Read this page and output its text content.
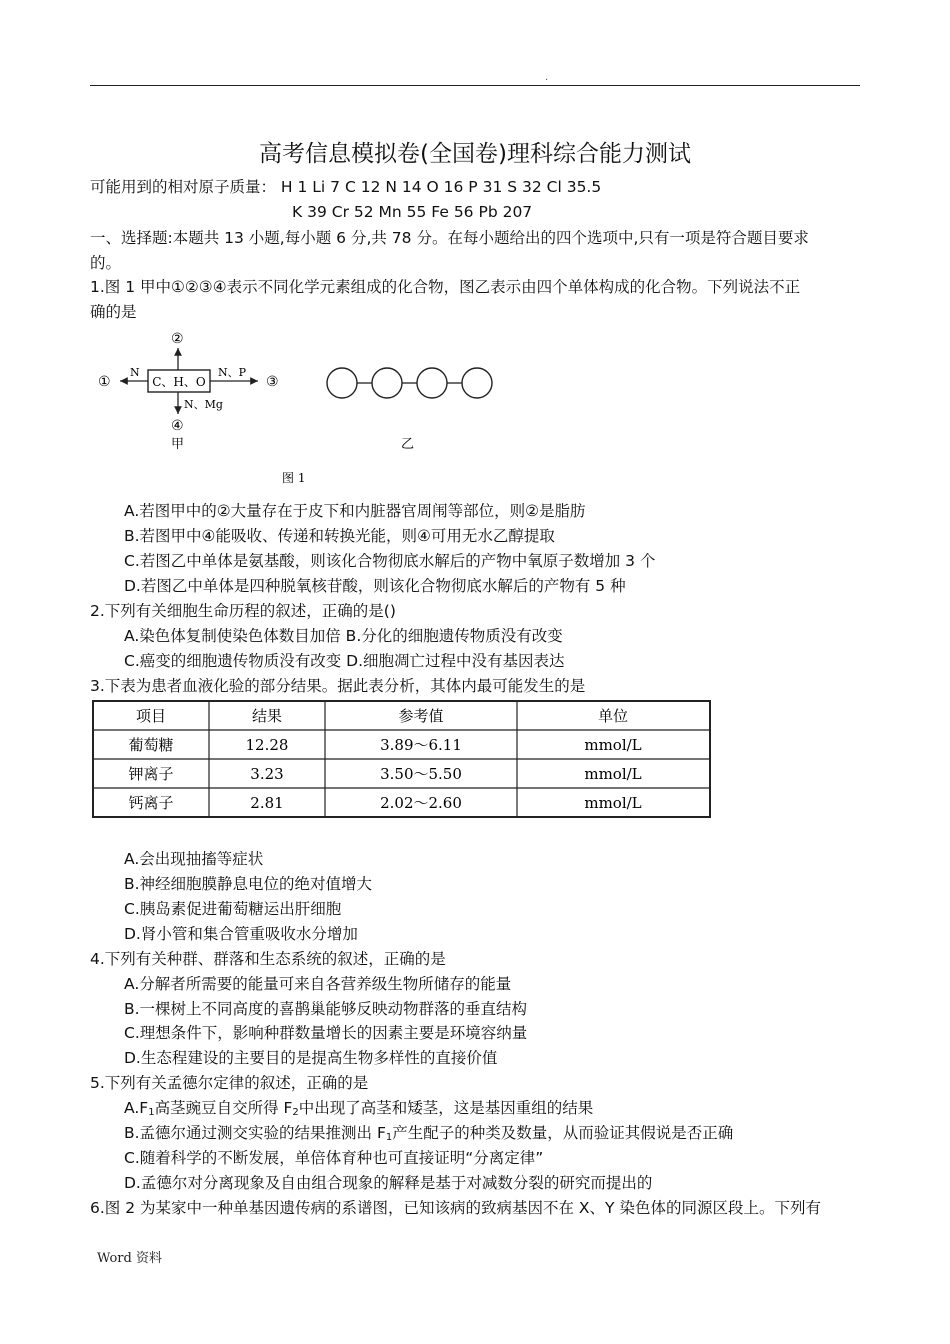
.
高考信息模拟卷(全国卷)理科综合能力测试
可能用到的相对原子质量： H 1 Li 7 C 12 N 14 O 16 P 31 S 32 Cl 35.5
K 39 Cr 52 Mn 55 Fe 56 Pb 207
一、选择题:本题共 13 小题,每小题 6 分,共 78 分。在每小题给出的四个选项中,只有一项是符合题目要求
的。
1.图 1 甲中①②③④表示不同化学元素组成的化合物，图乙表示由四个单体构成的化合物。下列说法不正
确的是
C、H、O
①
N
②
N、P
③
N、Mg
④
甲	乙
图 1
A.若图甲中的②大量存在于皮下和内脏器官周闱等部位，则②是脂肪
B.若图甲中④能吸收、传递和转换光能，则④可用无水乙醇提取
C.若图乙中单体是氨基酸，则该化合物彻底水解后的产物中氧原子数增加 3 个
D.若图乙中单体是四种脱氧核苷酸，则该化合物彻底水解后的产物有 5 种
2.下列有关细胞生命历程的叙述，正确的是()
A.染色体复制使染色体数目加倍 B.分化的细胞遗传物质没有改变
C.癌变的细胞遗传物质没有改变 D.细胞凋亡过程中没有基因表达
3.下表为患者血液化验的部分结果。据此表分析，其体内最可能发生的是
项目	结果	参考值	单位
葡萄糖	12.28	3.89～6.11	mmol/L
钾离子	3.23	3.50～5.50	mmol/L
钙离子	2.81	2.02～2.60	mmol/L
A.会出现抽搐等症状
B.神经细胞膜静息电位的绝对值增大
C.胰岛素促进葡萄糖运出肝细胞
D.肾小管和集合管重吸收水分增加
4.下列有关种群、群落和生态系统的叙述，正确的是
A.分解者所需要的能量可来自各营养级生物所储存的能量
B.一棵树上不同高度的喜鹊巢能够反映动物群落的垂直结构
C.理想条件下，影响种群数量增长的因素主要是环境容纳量
D.生态程建设的主要目的是提高生物多样性的直接价值
5.下列有关孟德尔定律的叙述，正确的是
$A.F_1$高茎豌豆自交所得 $F_2$中出现了高茎和矮茎，这是基因重组的结果
B.孟德尔通过测交实验的结果推测出 $F_1$产生配子的种类及数量，从而验证其假说是否正确
C.随着科学的不断发展，单倍体育种也可直接证明“分离定律”
D.孟德尔对分离现象及自由组合现象的解释是基于对减数分裂的研究而提出的
6.图 2 为某家中一种单基因遗传病的系谱图，已知该病的致病基因不在 X、Y 染色体的同源区段上。下列有
Word 资料
